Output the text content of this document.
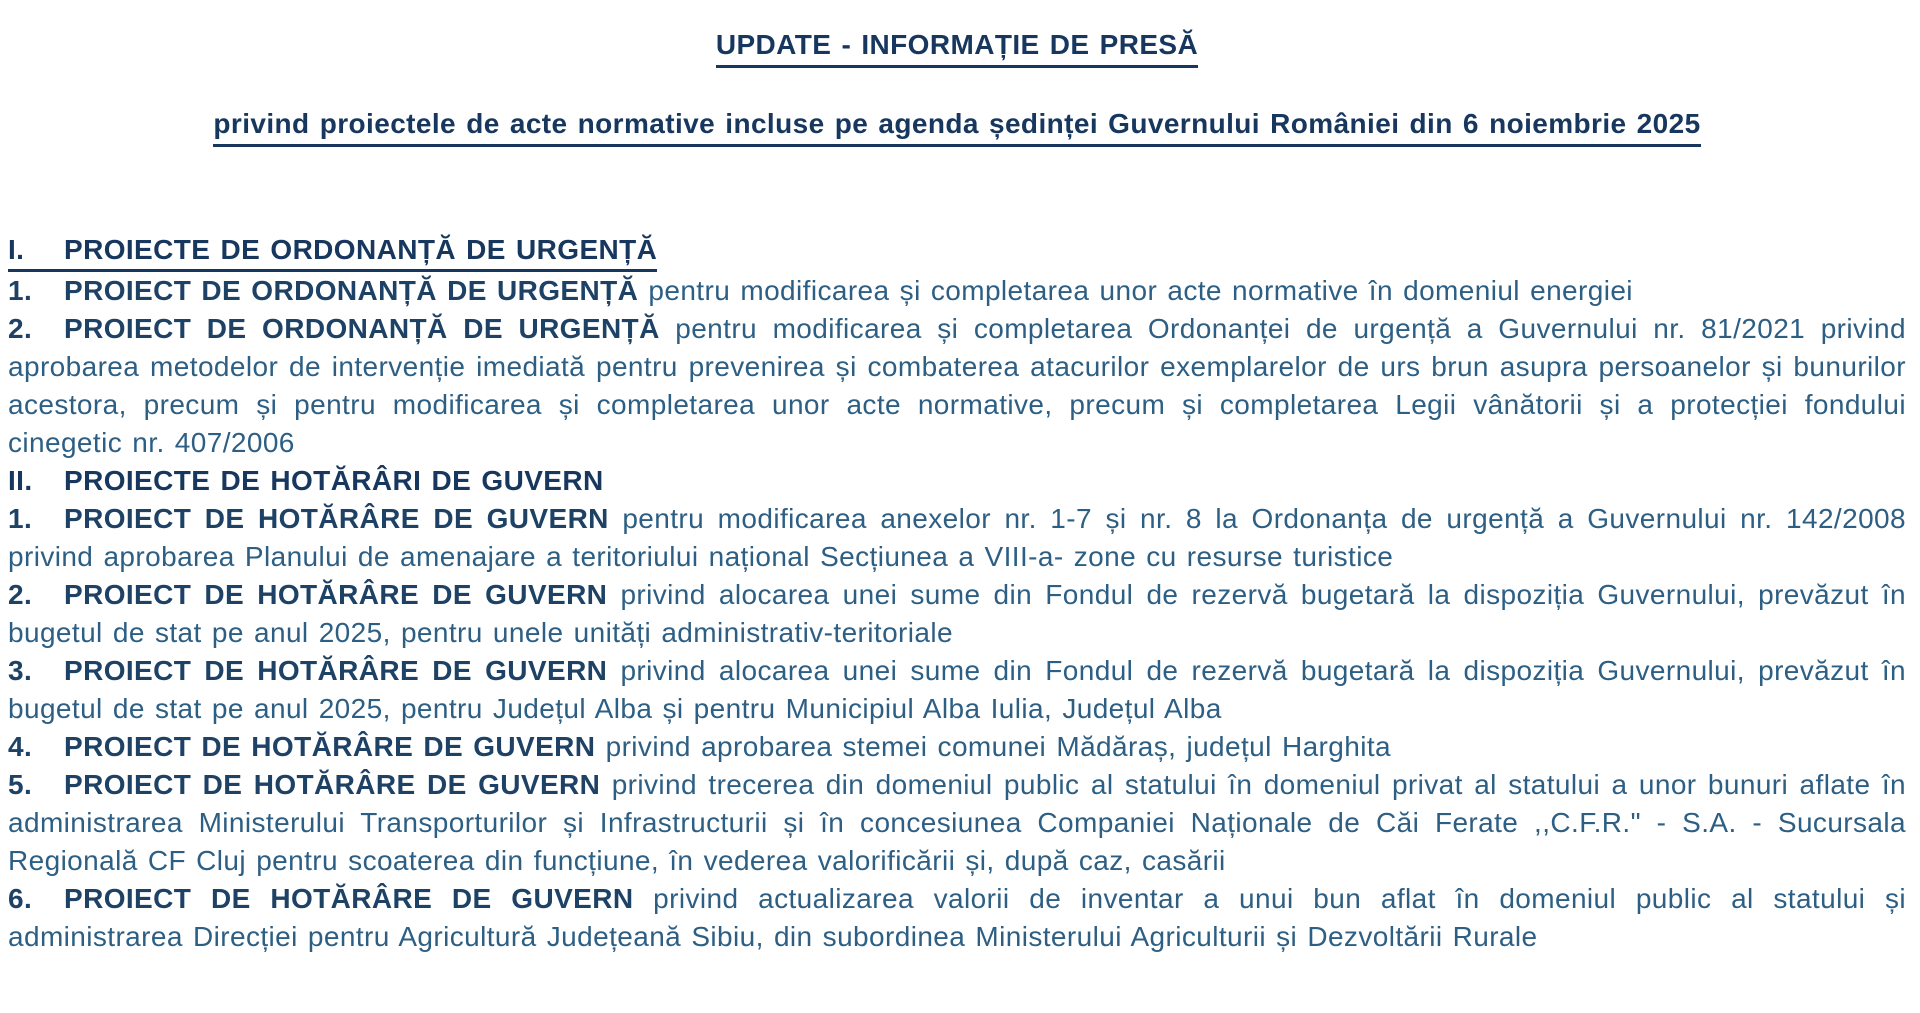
UPDATE - INFORMAȚIE DE PRESĂ
privind proiectele de acte normative incluse pe agenda ședinței Guvernului României din 6 noiembrie 2025

I. PROIECTE DE ORDONANȚĂ DE URGENȚĂ

1. PROIECT DE ORDONANȚĂ DE URGENȚĂ pentru modificarea și completarea unor acte normative în domeniul energiei

2. PROIECT DE ORDONANȚĂ DE URGENȚĂ pentru modificarea și completarea Ordonanței de urgență a Guvernului nr. 81/2021 privind aprobarea metodelor de intervenție imediată pentru prevenirea și combaterea atacurilor exemplarelor de urs brun asupra persoanelor și bunurilor acestora, precum și pentru modificarea și completarea unor acte normative, precum și completarea Legii vânătorii și a protecției fondului cinegetic nr. 407/2006

II. PROIECTE DE HOTĂRÂRI DE GUVERN

1. PROIECT DE HOTĂRÂRE DE GUVERN pentru modificarea anexelor nr. 1-7 și nr. 8 la Ordonanța de urgență a Guvernului nr. 142/2008 privind aprobarea Planului de amenajare a teritoriului național Secțiunea a VIII-a- zone cu resurse turistice

2. PROIECT DE HOTĂRÂRE DE GUVERN privind alocarea unei sume din Fondul de rezervă bugetară la dispoziția Guvernului, prevăzut în bugetul de stat pe anul 2025, pentru unele unități administrativ-teritoriale

3. PROIECT DE HOTĂRÂRE DE GUVERN privind alocarea unei sume din Fondul de rezervă bugetară la dispoziția Guvernului, prevăzut în bugetul de stat pe anul 2025, pentru Județul Alba și pentru Municipiul Alba Iulia, Județul Alba

4. PROIECT DE HOTĂRÂRE DE GUVERN privind aprobarea stemei comunei Mădăraș, județul Harghita

5. PROIECT DE HOTĂRÂRE DE GUVERN privind trecerea din domeniul public al statului în domeniul privat al statului a unor bunuri aflate în administrarea Ministerului Transporturilor și Infrastructurii și în concesiunea Companiei Naționale de Căi Ferate ,,C.F.R." - S.A. - Sucursala Regională CF Cluj pentru scoaterea din funcțiune, în vederea valorificării și, după caz, casării

6. PROIECT DE HOTĂRÂRE DE GUVERN privind actualizarea valorii de inventar a unui bun aflat în domeniul public al statului și administrarea Direcției pentru Agricultură Județeană Sibiu, din subordinea Ministerului Agriculturii și Dezvoltării Rurale
